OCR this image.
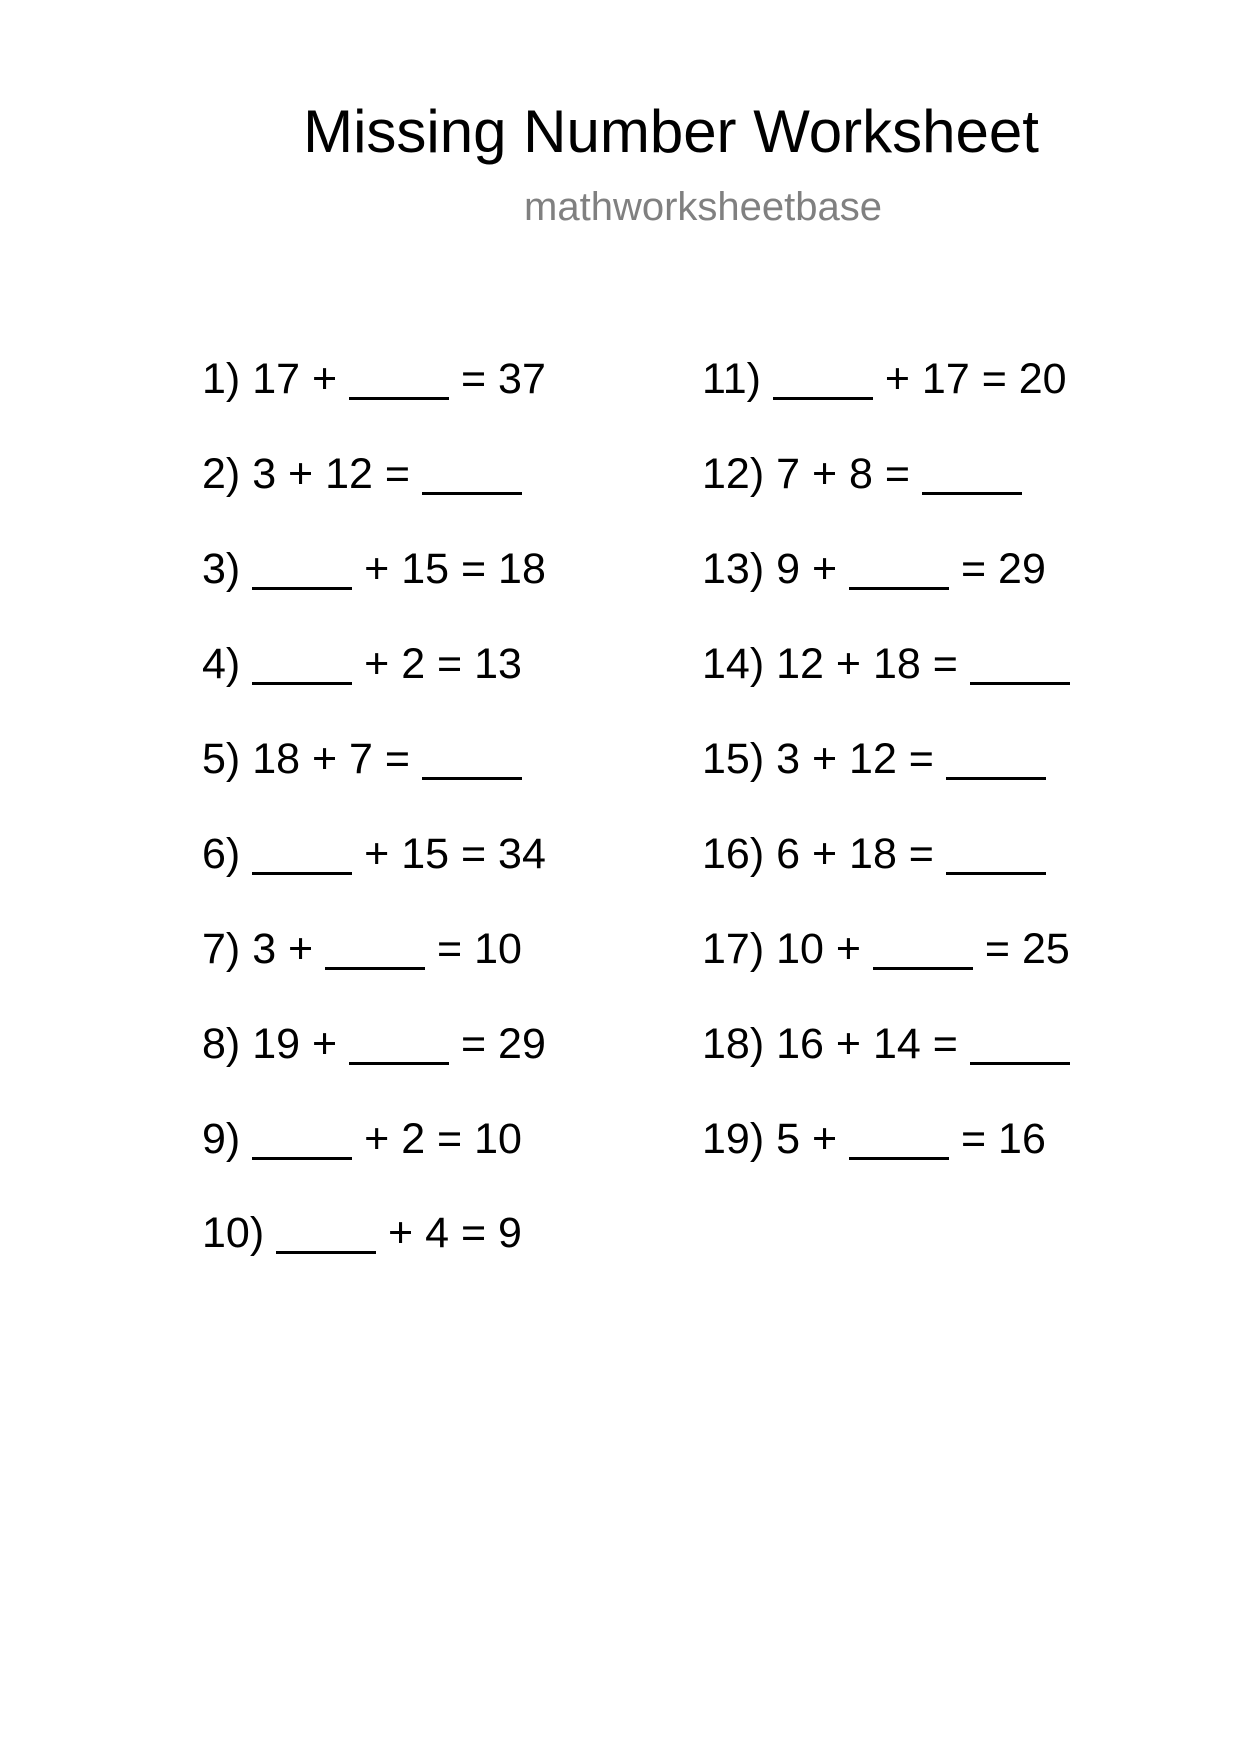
Missing Number Worksheet
mathworksheetbase
1) 17 +  = 37
2) 3 + 12 =
3)	+ 15 = 18
4)	+ 2 = 13
5) 18 + 7 =
6)	+ 15 = 34
7) 3 +  = 10
8) 19 +  = 29
9)	+ 2 = 10
10)	+ 4 = 9
11)	+ 17 = 20
12) 7 + 8 =
13) 9 +  = 29
14) 12 + 18 =
15) 3 + 12 =
16) 6 + 18 =
17) 10 +  = 25
18) 16 + 14 =
19) 5 +  = 16
